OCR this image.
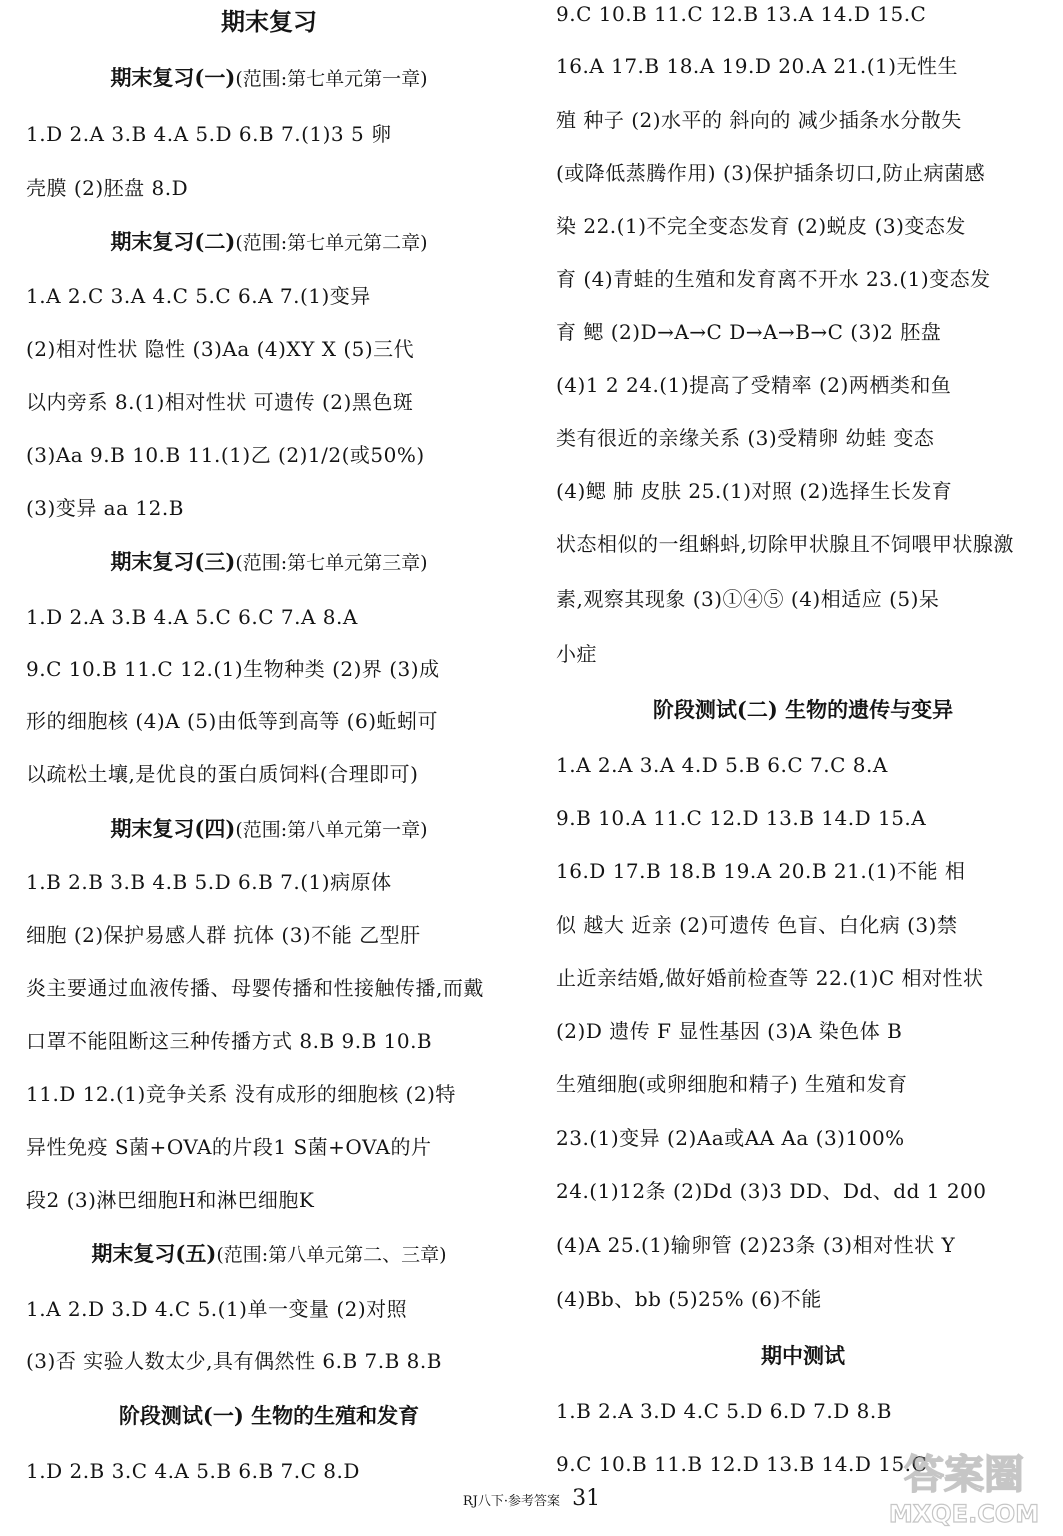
期末复习
期末复习(一)(范围:第七单元第一章)
1.D 2.A 3.B 4.A 5.D 6.B 7.(1)3 5 卵
壳膜 (2)胚盘 8.D
期末复习(二)(范围:第七单元第二章)
1.A 2.C 3.A 4.C 5.C 6.A 7.(1)变异
(2)相对性状 隐性 (3)Aa (4)XY X (5)三代
以内旁系 8.(1)相对性状 可遗传 (2)黑色斑
(3)Aa 9.B 10.B 11.(1)乙 (2)1/2(或50%)
(3)变异 aa 12.B
期末复习(三)(范围:第七单元第三章)
1.D 2.A 3.B 4.A 5.C 6.C 7.A 8.A
9.C 10.B 11.C 12.(1)生物种类 (2)界 (3)成
形的细胞核 (4)A (5)由低等到高等 (6)蚯蚓可
以疏松土壤,是优良的蛋白质饲料(合理即可)
期末复习(四)(范围:第八单元第一章)
1.B 2.B 3.B 4.B 5.D 6.B 7.(1)病原体
细胞 (2)保护易感人群 抗体 (3)不能 乙型肝
炎主要通过血液传播、母婴传播和性接触传播,而戴
口罩不能阻断这三种传播方式 8.B 9.B 10.B
11.D 12.(1)竞争关系 没有成形的细胞核 (2)特
异性免疫 S菌+OVA的片段1 S菌+OVA的片
段2 (3)淋巴细胞H和淋巴细胞K
期末复习(五)(范围:第八单元第二、三章)
1.A 2.D 3.D 4.C 5.(1)单一变量 (2)对照
(3)否 实验人数太少,具有偶然性 6.B 7.B 8.B
阶段测试(一) 生物的生殖和发育
1.D 2.B 3.C 4.A 5.B 6.B 7.C 8.D
9.C 10.B 11.C 12.B 13.A 14.D 15.C
16.A 17.B 18.A 19.D 20.A 21.(1)无性生
殖 种子 (2)水平的 斜向的 减少插条水分散失
(或降低蒸腾作用) (3)保护插条切口,防止病菌感
染 22.(1)不完全变态发育 (2)蜕皮 (3)变态发
育 (4)青蛙的生殖和发育离不开水 23.(1)变态发
育 鳃 (2)D→A→C D→A→B→C (3)2 胚盘
(4)1 2 24.(1)提高了受精率 (2)两栖类和鱼
类有很近的亲缘关系 (3)受精卵 幼蛙 变态
(4)鳃 肺 皮肤 25.(1)对照 (2)选择生长发育
状态相似的一组蝌蚪,切除甲状腺且不饲喂甲状腺激
素,观察其现象 (3)①④⑤ (4)相适应 (5)呆
小症
阶段测试(二) 生物的遗传与变异
1.A 2.A 3.A 4.D 5.B 6.C 7.C 8.A
9.B 10.A 11.C 12.D 13.B 14.D 15.A
16.D 17.B 18.B 19.A 20.B 21.(1)不能 相
似 越大 近亲 (2)可遗传 色盲、白化病 (3)禁
止近亲结婚,做好婚前检查等 22.(1)C 相对性状
(2)D 遗传 F 显性基因 (3)A 染色体 B
生殖细胞(或卵细胞和精子) 生殖和发育
23.(1)变异 (2)Aa或AA Aa (3)100%
24.(1)12条 (2)Dd (3)3 DD、Dd、dd 1 200
(4)A 25.(1)输卵管 (2)23条 (3)相对性状 Y
(4)Bb、bb (5)25% (6)不能
期中测试
1.B 2.A 3.D 4.C 5.D 6.D 7.D 8.B
9.C 10.B 11.B 12.D 13.B 14.D 15.C
RJ八下·参考答案 31
答案圈
MXQE.COM
